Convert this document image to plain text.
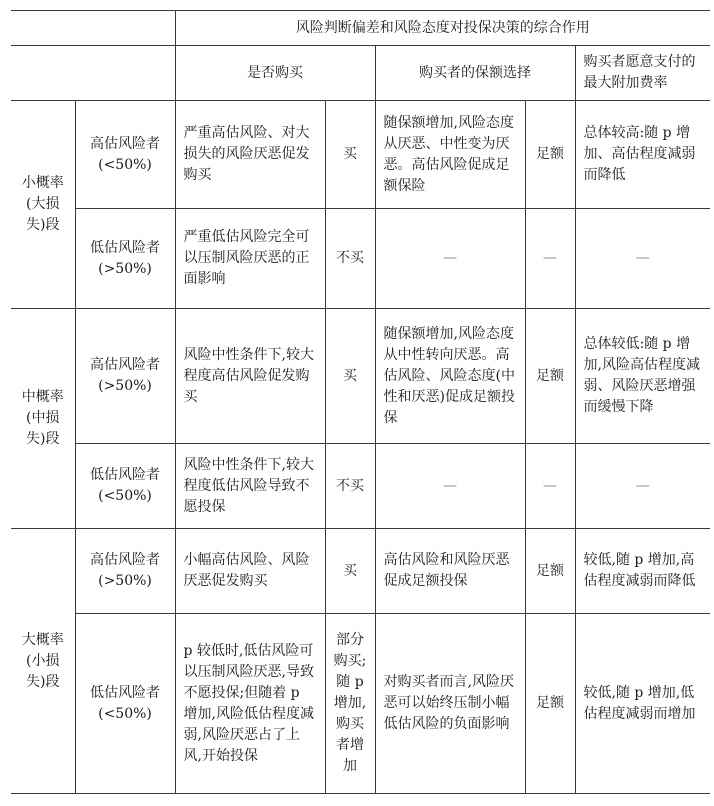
		风险判断偏差和风险态度对投保决策的综合作用				
		是否购买		购买者的保额选择		购买者愿意支付的最大附加费率
小概率(大损失)段	高估风险者(<50%)	严重高估风险、对大损失的风险厌恶促发购买	买	随保额增加,风险态度从厌恶、中性变为厌恶。高估风险促成足额保险	足额	总体较高:随 p 增加、高估程度减弱而降低
	低估风险者(>50%)	严重低估风险完全可以压制风险厌恶的正面影响	不买	—	—	—
中概率(中损失)段	高估风险者(>50%)	风险中性条件下,较大程度高估风险促发购买	买	随保额增加,风险态度从中性转向厌恶。高估风险、风险态度(中性和厌恶)促成足额投保	足额	总体较低:随 p 增加,风险高估程度减弱、风险厌恶增强而缓慢下降
	低估风险者(<50%)	风险中性条件下,较大程度低估风险导致不愿投保	不买	—	—	—
大概率(小损失)段	高估风险者(>50%)	小幅高估风险、风险厌恶促发购买	买	高估风险和风险厌恶促成足额投保	足额	较低,随 p 增加,高估程度减弱而降低
	低估风险者(<50%)	p 较低时,低估风险可以压制风险厌恶,导致不愿投保;但随着 p 增加,风险低估程度减弱,风险厌恶占了上风,开始投保	部分购买;随 p 增加,购买者增加	对购买者而言,风险厌恶可以始终压制小幅低估风险的负面影响	足额	较低,随 p 增加,低估程度减弱而增加
